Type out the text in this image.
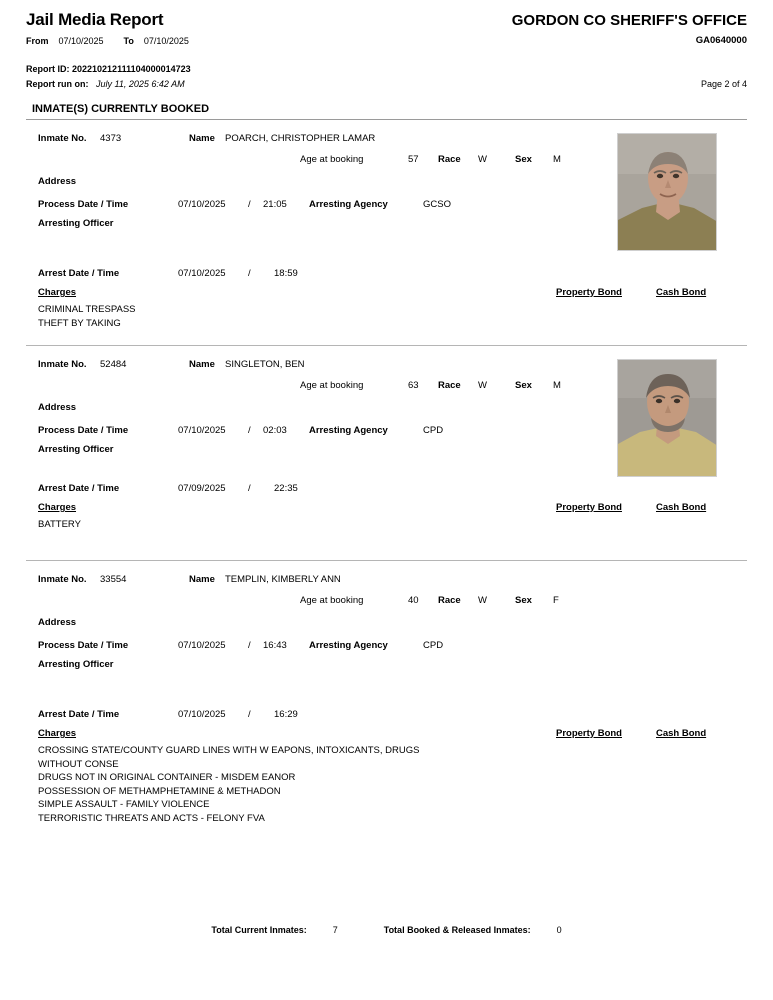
Jail Media Report
From	07/10/2025	To	07/10/2025
GORDON CO SHERIFF'S OFFICE
GA0640000
Report ID: 202210212111104000014723
Report run on: July 11, 2025 6:42 AM	Page 2 of 4
INMATE(S) CURRENTLY BOOKED
Inmate No. 4373	Name POARCH, CHRISTOPHER LAMAR
Age at booking	57 Race W	Sex M
Address
Process Date / Time	07/10/2025 / 21:05 Arresting Agency	GCSO
Arresting Officer
Arrest Date / Time	07/10/2025 / 18:59
Charges	Property Bond	Cash Bond
CRIMINAL TRESPASS
THEFT BY TAKING
Inmate No. 52484	Name SINGLETON, BEN
Age at booking	63 Race W	Sex M
Address
Process Date / Time	07/10/2025 / 02:03 Arresting Agency	CPD
Arresting Officer
Arrest Date / Time	07/09/2025 / 22:35
Charges	Property Bond	Cash Bond
BATTERY
Inmate No. 33554	Name TEMPLIN, KIMBERLY ANN
Age at booking	40 Race W	Sex F
Address
Process Date / Time	07/10/2025 / 16:43 Arresting Agency	CPD
Arresting Officer
Arrest Date / Time	07/10/2025 / 16:29
Charges	Property Bond	Cash Bond
CROSSING STATE/COUNTY GUARD LINES WITH W EAPONS, INTOXICANTS, DRUGS
WITHOUT CONSE
DRUGS NOT IN ORIGINAL CONTAINER - MISDEM EANOR
POSSESSION OF METHAMPHETAMINE & METHADON
SIMPLE ASSAULT - FAMILY VIOLENCE
TERRORISTIC THREATS AND ACTS - FELONY FVA
Total Current Inmates:	7	Total Booked & Released Inmates:	0
